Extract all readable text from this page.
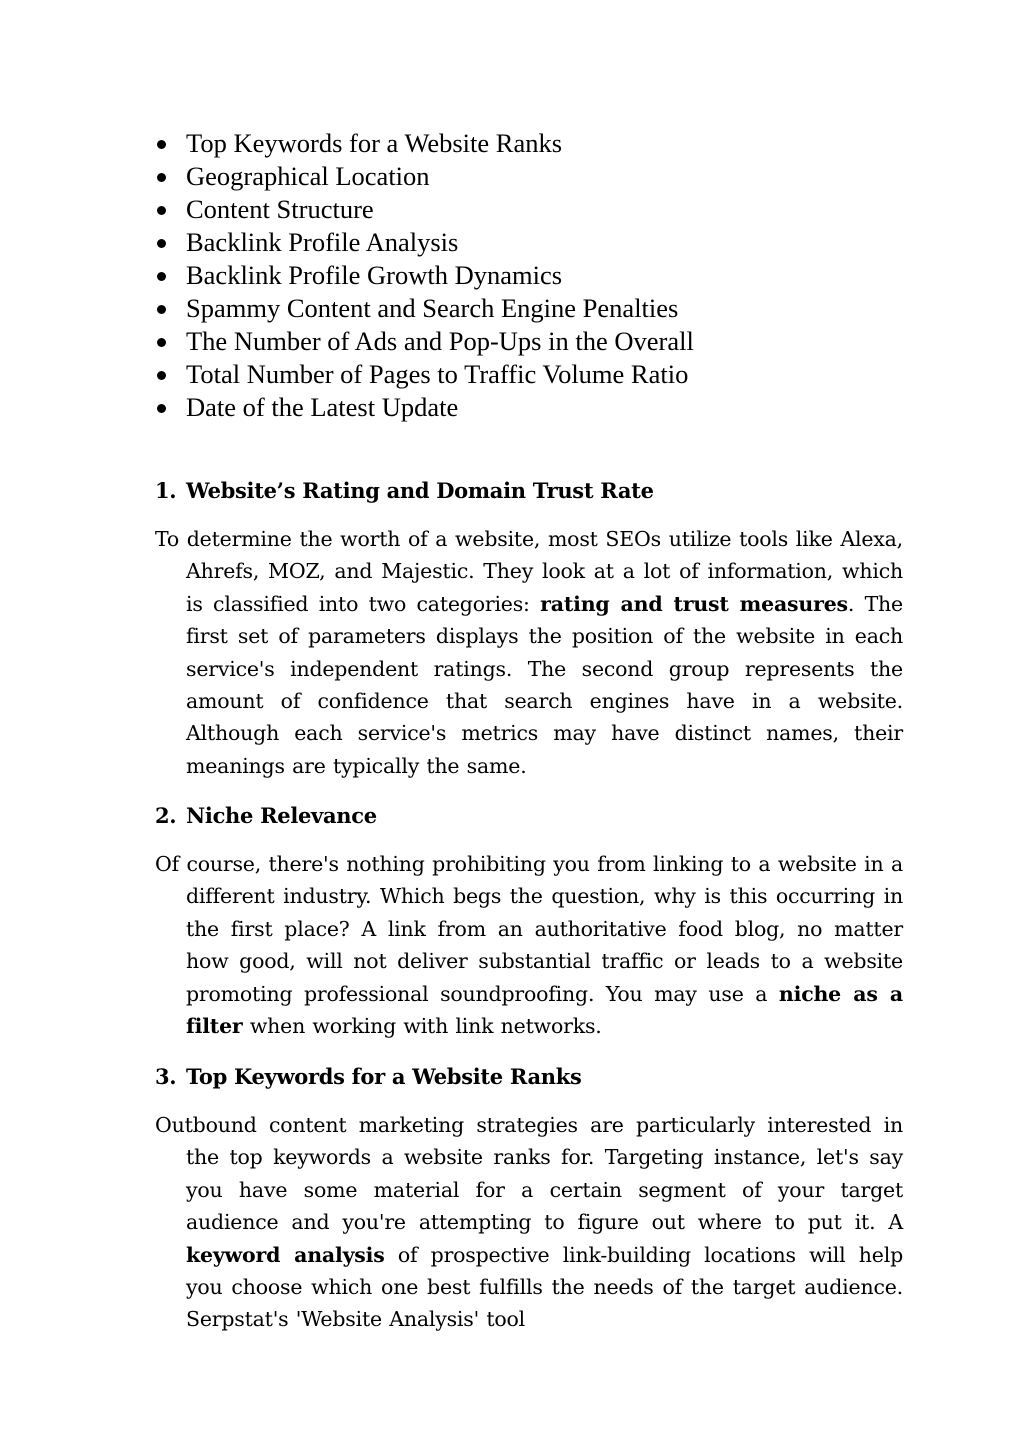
Top Keywords for a Website Ranks
Geographical Location
Content Structure
Backlink Profile Analysis
Backlink Profile Growth Dynamics
Spammy Content and Search Engine Penalties
The Number of Ads and Pop-Ups in the Overall
Total Number of Pages to Traffic Volume Ratio
Date of the Latest Update
1. Website’s Rating and Domain Trust Rate
To determine the worth of a website, most SEOs utilize tools like Alexa, Ahrefs, MOZ, and Majestic. They look at a lot of information, which is classified into two categories: rating and trust measures. The first set of parameters displays the position of the website in each service's independent ratings. The second group represents the amount of confidence that search engines have in a website. Although each service's metrics may have distinct names, their meanings are typically the same.
2. Niche Relevance
Of course, there's nothing prohibiting you from linking to a website in a different industry. Which begs the question, why is this occurring in the first place? A link from an authoritative food blog, no matter how good, will not deliver substantial traffic or leads to a website promoting professional soundproofing. You may use a niche as a filter when working with link networks.
3. Top Keywords for a Website Ranks
Outbound content marketing strategies are particularly interested in the top keywords a website ranks for. Targeting instance, let's say you have some material for a certain segment of your target audience and you're attempting to figure out where to put it. A keyword analysis of prospective link-building locations will help you choose which one best fulfills the needs of the target audience. Serpstat's 'Website Analysis' tool
